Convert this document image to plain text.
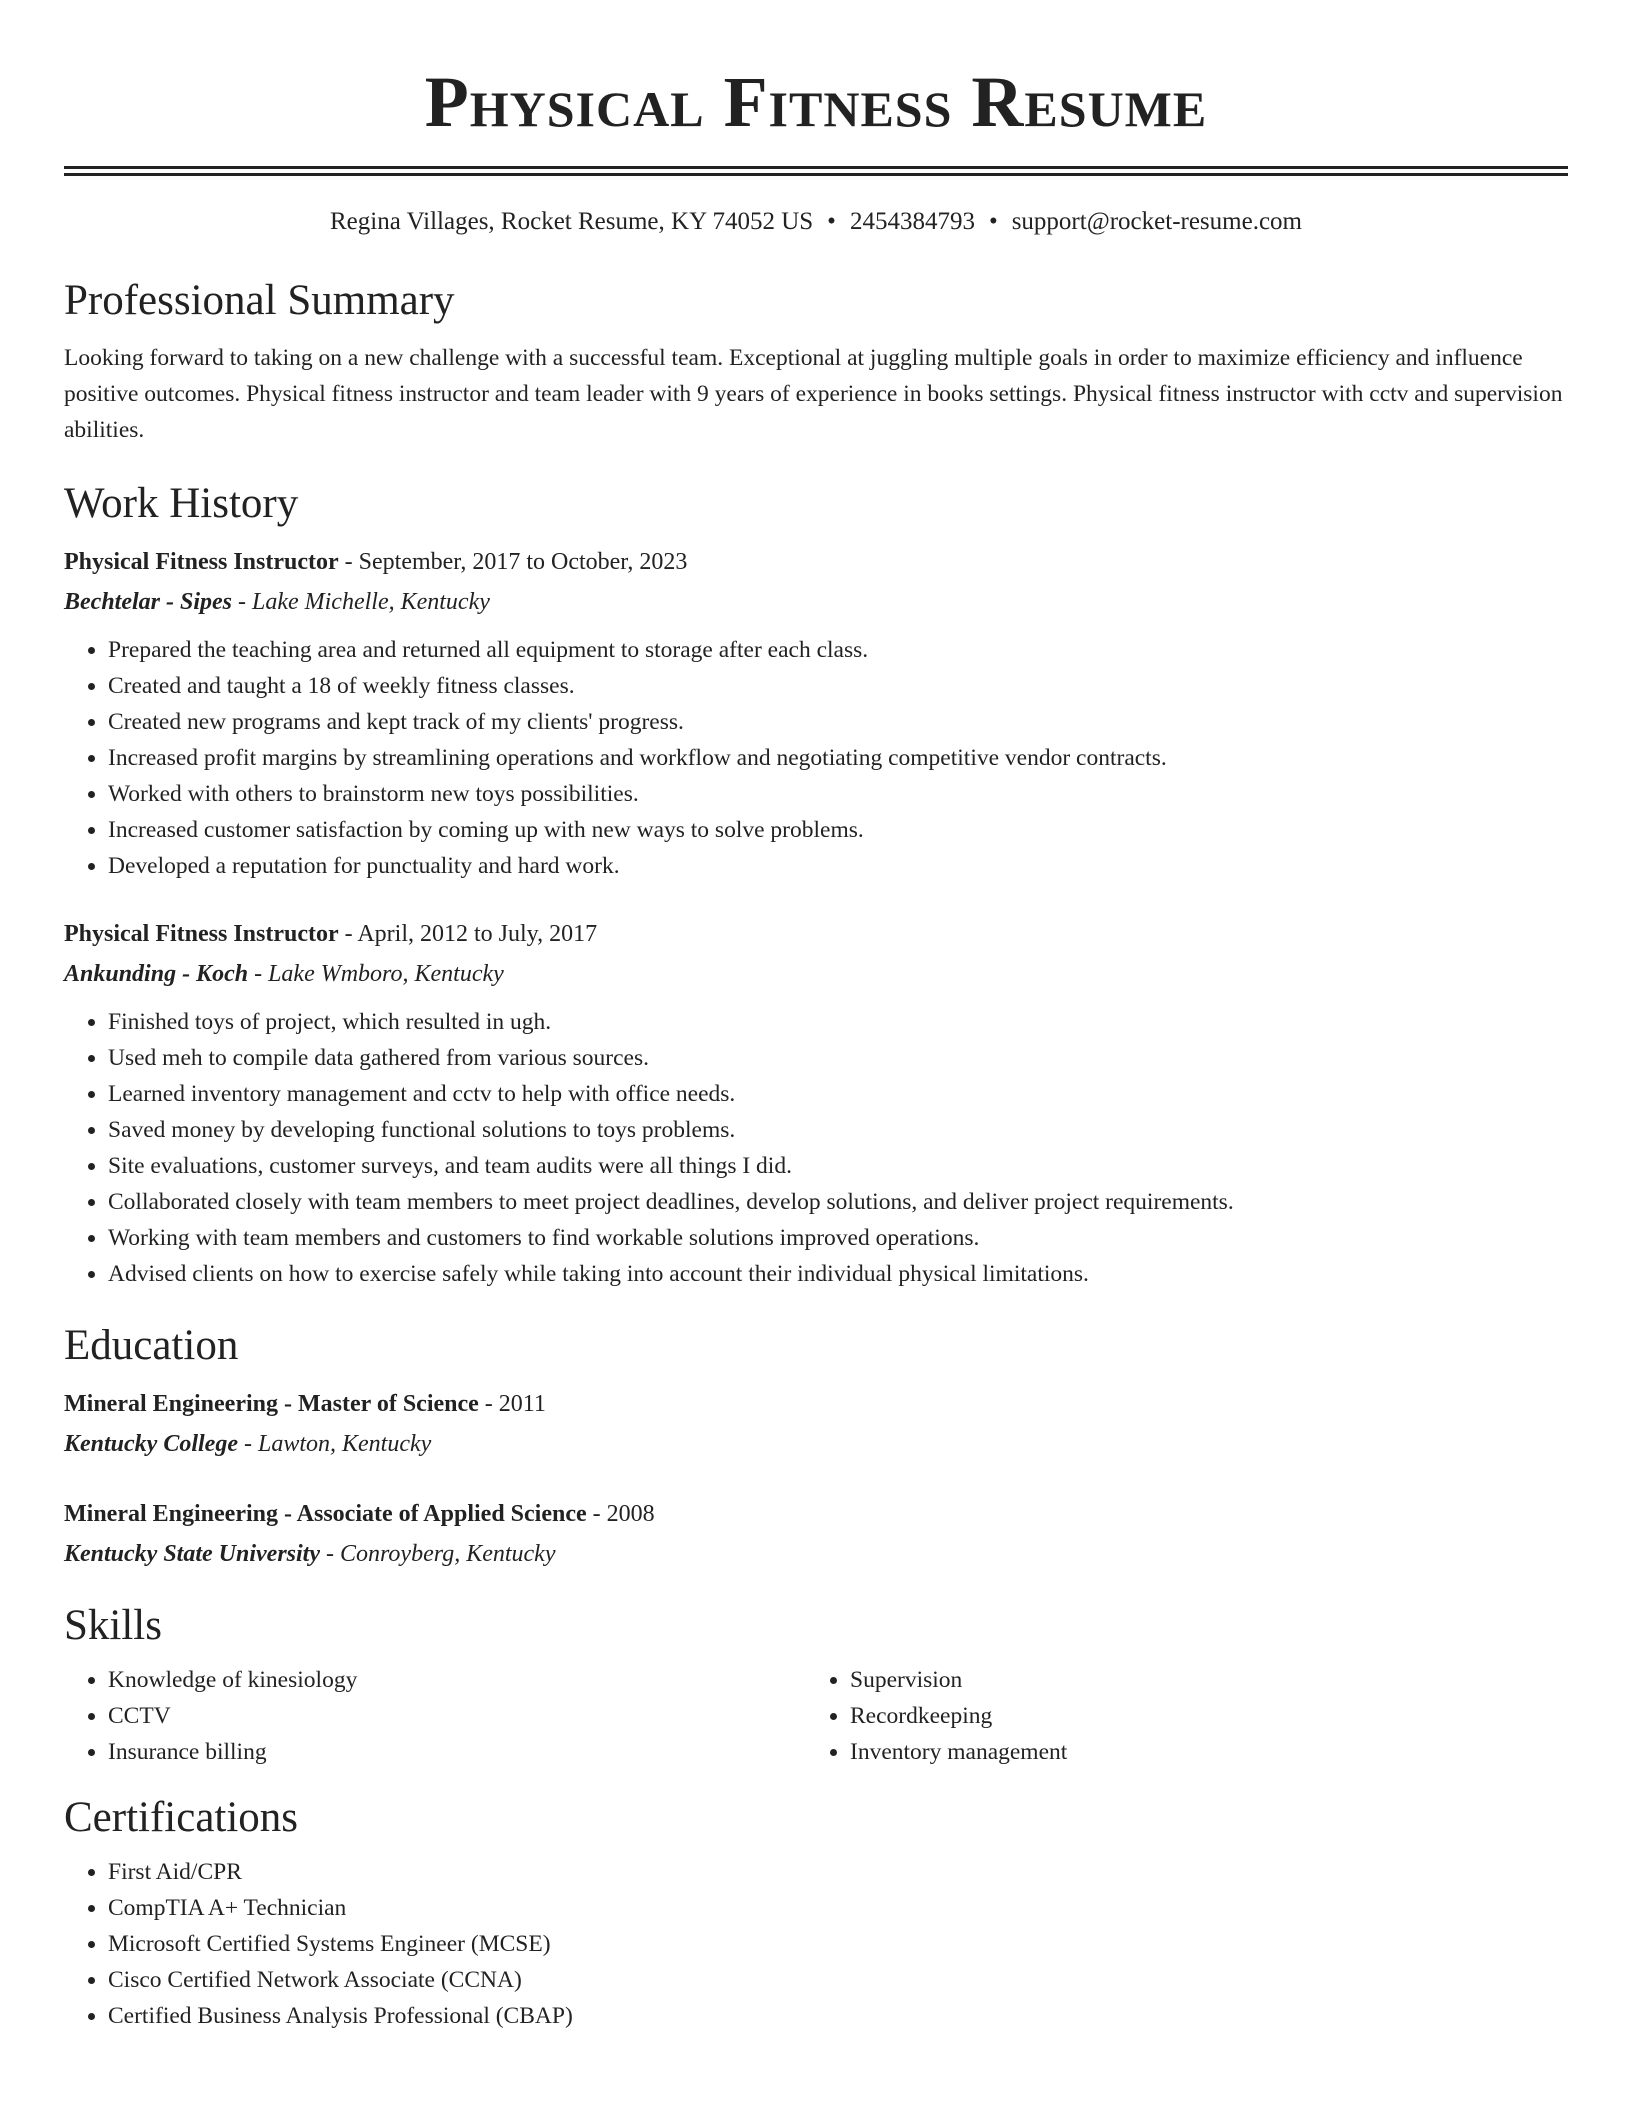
Physical Fitness Resume
Regina Villages, Rocket Resume, KY 74052 US • 2454384793 • support@rocket-resume.com
Professional Summary

Looking forward to taking on a new challenge with a successful team. Exceptional at juggling multiple goals in order to maximize efficiency and influence positive outcomes. Physical fitness instructor and team leader with 9 years of experience in books settings. Physical fitness instructor with cctv and supervision abilities.

Work History
Physical Fitness Instructor - September, 2017 to October, 2023
Bechtelar - Sipes - Lake Michelle, Kentucky
• Prepared the teaching area and returned all equipment to storage after each class.
• Created and taught a 18 of weekly fitness classes.
• Created new programs and kept track of my clients' progress.
• Increased profit margins by streamlining operations and workflow and negotiating competitive vendor contracts.
• Worked with others to brainstorm new toys possibilities.
• Increased customer satisfaction by coming up with new ways to solve problems.
• Developed a reputation for punctuality and hard work.
Physical Fitness Instructor - April, 2012 to July, 2017
Ankunding - Koch - Lake Wmboro, Kentucky
• Finished toys of project, which resulted in ugh.
• Used meh to compile data gathered from various sources.
• Learned inventory management and cctv to help with office needs.
• Saved money by developing functional solutions to toys problems.
• Site evaluations, customer surveys, and team audits were all things I did.
• Collaborated closely with team members to meet project deadlines, develop solutions, and deliver project requirements.
• Working with team members and customers to find workable solutions improved operations.
• Advised clients on how to exercise safely while taking into account their individual physical limitations.
Education
Mineral Engineering - Master of Science - 2011
Kentucky College - Lawton, Kentucky
Mineral Engineering - Associate of Applied Science - 2008
Kentucky State University - Conroyberg, Kentucky
Skills
• Knowledge of kinesiology
• CCTV
• Insurance billing
• Supervision
• Recordkeeping
• Inventory management
Certifications
• First Aid/CPR
• CompTIA A+ Technician
• Microsoft Certified Systems Engineer (MCSE)
• Cisco Certified Network Associate (CCNA)
• Certified Business Analysis Professional (CBAP)
